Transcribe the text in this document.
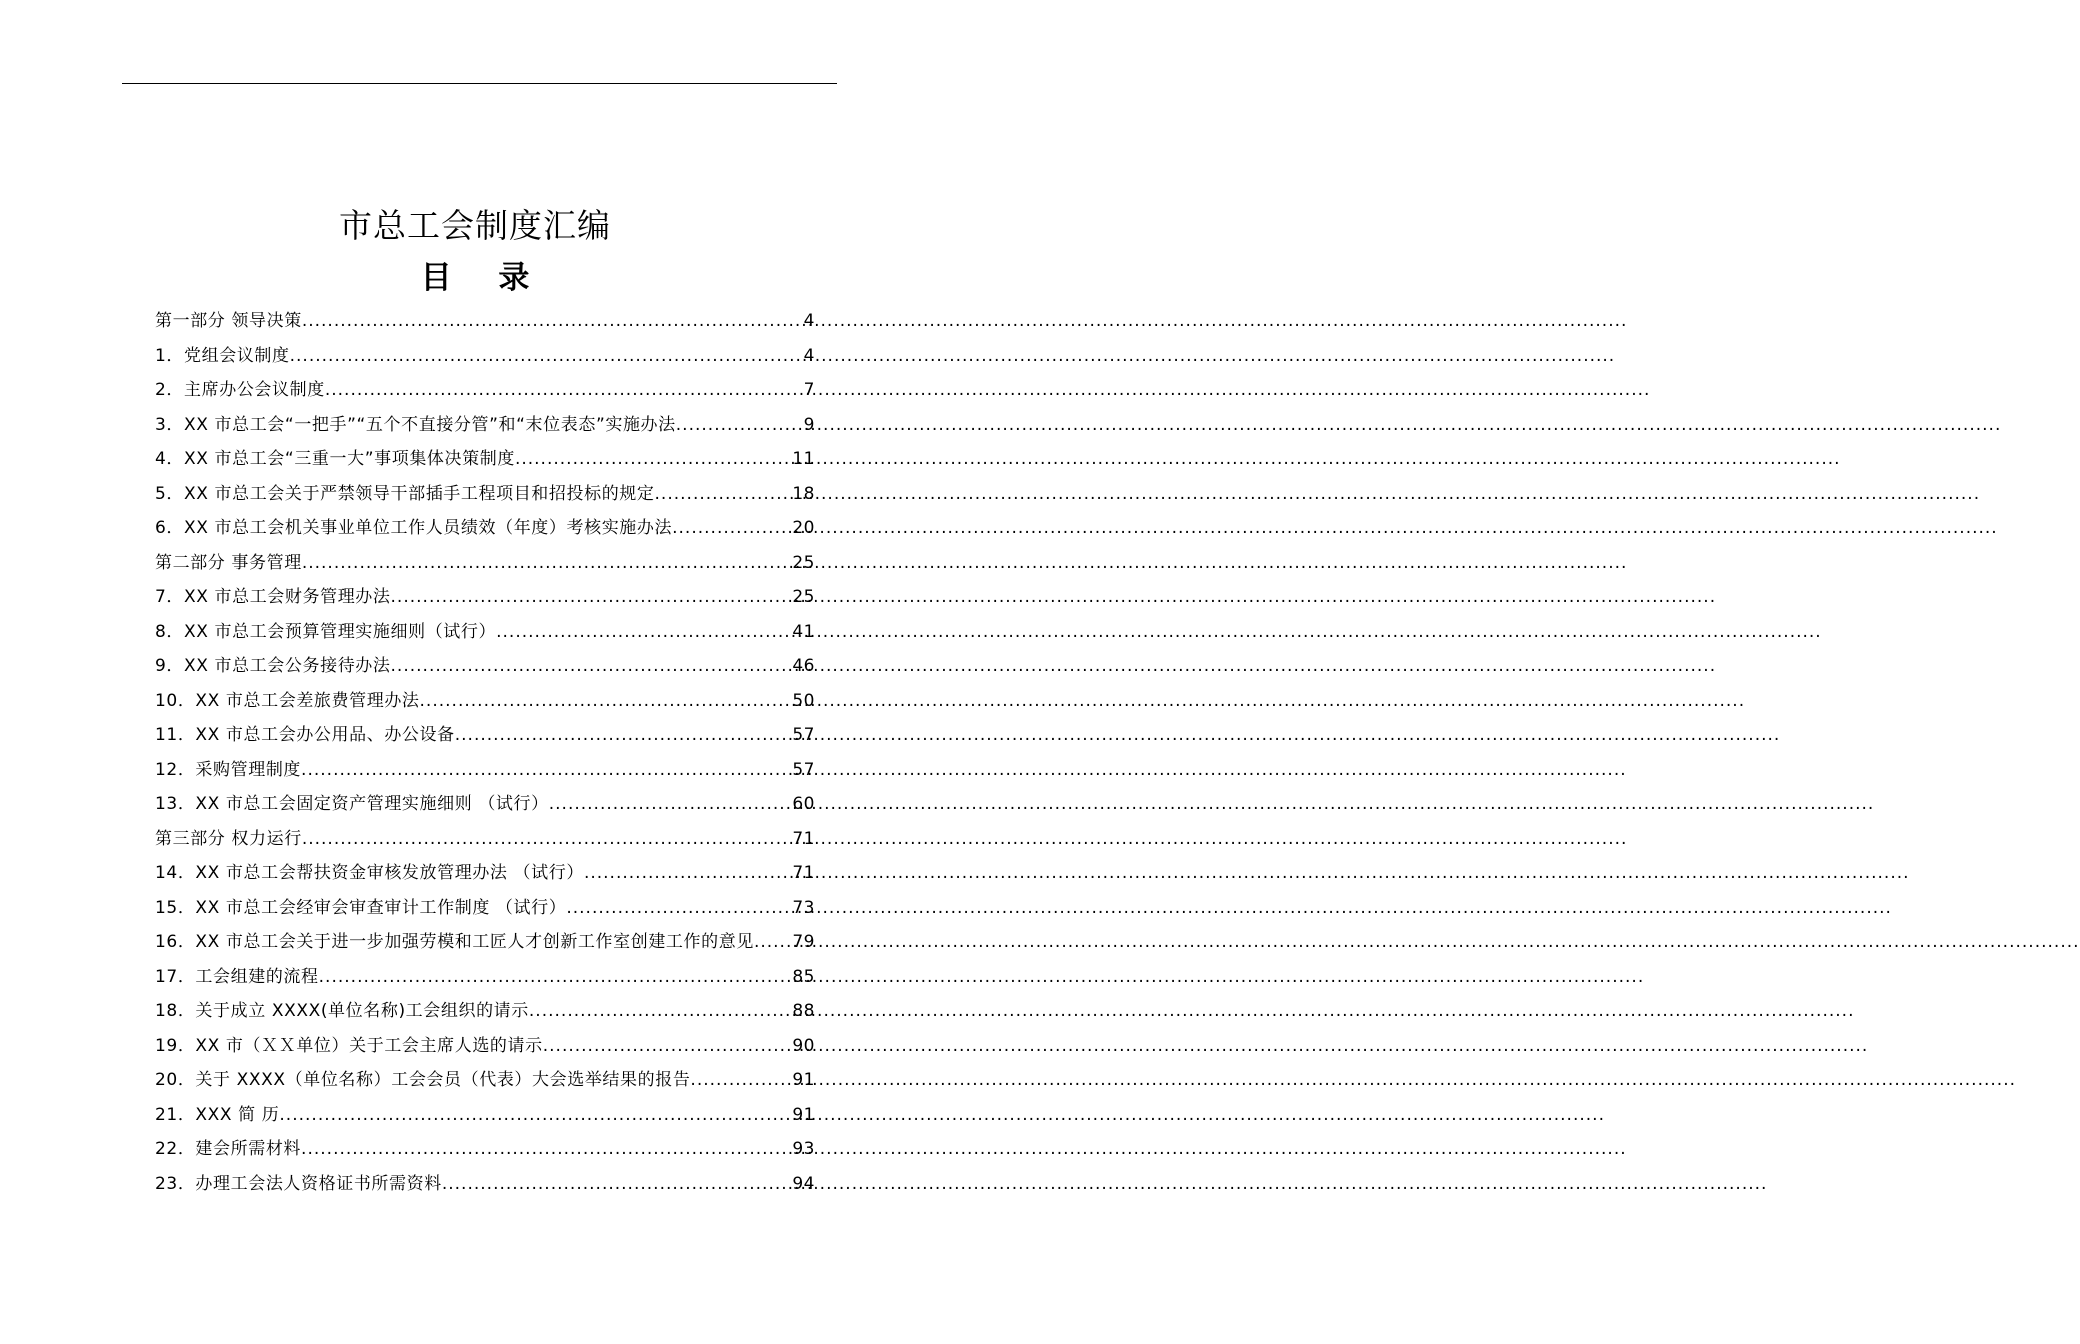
市总工会制度汇编
目 录
第一部分 领导决策 .....	4
1．党组会议制度 .....	4
2．主席办公会议制度 .....	7
3．XX 市总工会“一把手”“五个不直接分管”和“末位表态”实施办法 .....	9
4．XX 市总工会“三重一大”事项集体决策制度 .....	11
5．XX 市总工会关于严禁领导干部插手工程项目和招投标的规定 .....	18
6．XX 市总工会机关事业单位工作人员绩效（年度）考核实施办法 .....	20
第二部分 事务管理 .....	25
7．XX 市总工会财务管理办法 .....	25
8．XX 市总工会预算管理实施细则（试行） .....	41
9．XX 市总工会公务接待办法 .....	46
10．XX 市总工会差旅费管理办法 .....	50
11．XX 市总工会办公用品、办公设备 .....	57
12．采购管理制度 .....	57
13．XX 市总工会固定资产管理实施细则 （试行） .....	60
第三部分 权力运行 .....	71
14．XX 市总工会帮扶资金审核发放管理办法 （试行） .....	71
15．XX 市总工会经审会审查审计工作制度 （试行） .....	73
16．XX 市总工会关于进一步加强劳模和工匠人才创新工作室创建工作的意见 ..... 79
17．工会组建的流程 .....	85
18．关于成立 XXXX(单位名称)工会组织的请示 .....	88
19．XX 市（ＸＸ单位）关于工会主席人选的请示 .....	90
20．关于 XXXX（单位名称）工会会员（代表）大会选举结果的报告 .....	91
21．XXX 简 历 .....	91
22．建会所需材料 .....	93
23．办理工会法人资格证书所需资料 .....	94
